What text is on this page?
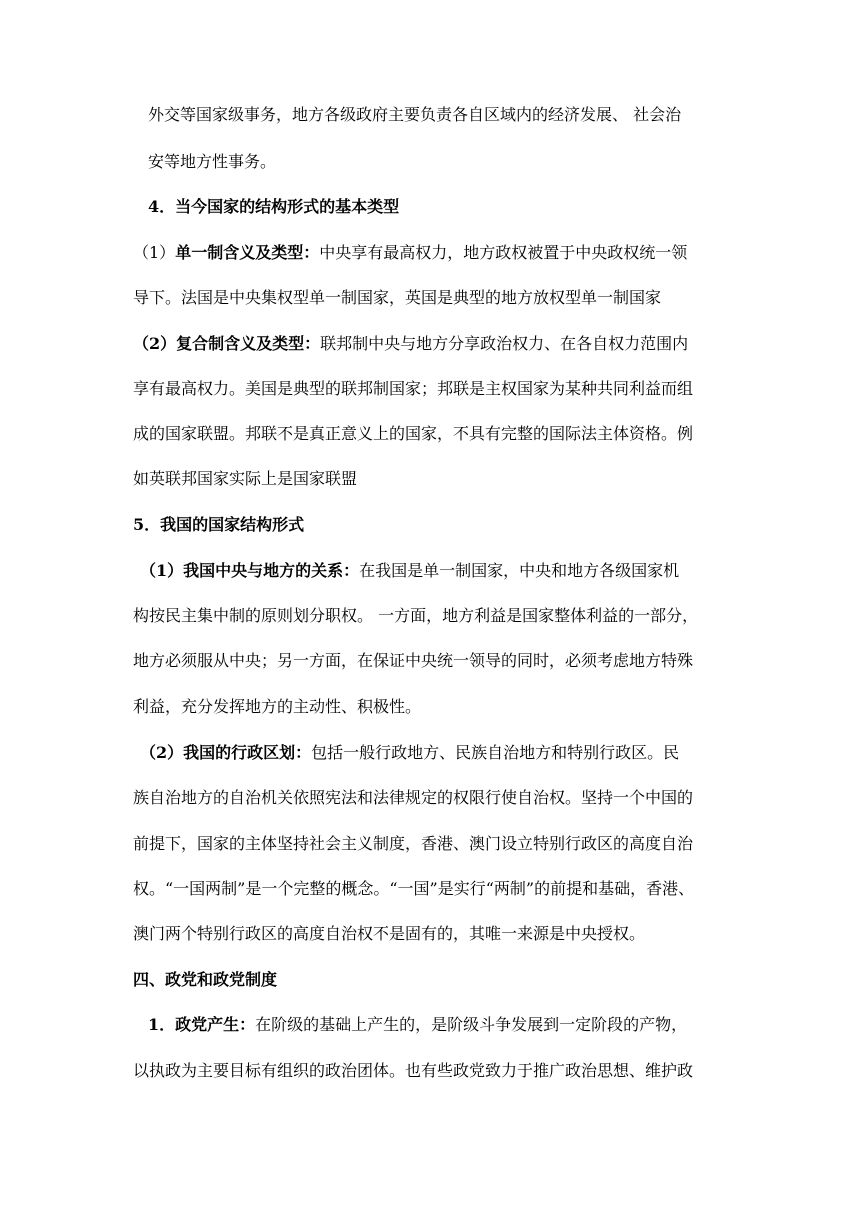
外交等国家级事务，地方各级政府主要负责各自区域内的经济发展、 社会治
安等地方性事务。
4．当今国家的结构形式的基本类型
（1）单一制含义及类型：中央享有最高权力，地方政权被置于中央政权统一领
导下。法国是中央集权型单一制国家，英国是典型的地方放权型单一制国家
（2）复合制含义及类型：联邦制中央与地方分享政治权力、在各自权力范围内
享有最高权力。美国是典型的联邦制国家；邦联是主权国家为某种共同利益而组
成的国家联盟。邦联不是真正意义上的国家，不具有完整的国际法主体资格。例
如英联邦国家实际上是国家联盟
5．我国的国家结构形式
（1）我国中央与地方的关系：在我国是单一制国家，中央和地方各级国家机
构按民主集中制的原则划分职权。 一方面，地方利益是国家整体利益的一部分，
地方必须服从中央；另一方面，在保证中央统一领导的同时，必须考虑地方特殊
利益，充分发挥地方的主动性、积极性。
（2）我国的行政区划：包括一般行政地方、民族自治地方和特别行政区。民
族自治地方的自治机关依照宪法和法律规定的权限行使自治权。坚持一个中国的
前提下，国家的主体坚持社会主义制度，香港、澳门设立特别行政区的高度自治
权。“一国两制”是一个完整的概念。“一国”是实行“两制”的前提和基础，香港、
澳门两个特别行政区的高度自治权不是固有的，其唯一来源是中央授权。
四、政党和政党制度
1．政党产生：在阶级的基础上产生的，是阶级斗争发展到一定阶段的产物，
以执政为主要目标有组织的政治团体。也有些政党致力于推广政治思想、维护政
